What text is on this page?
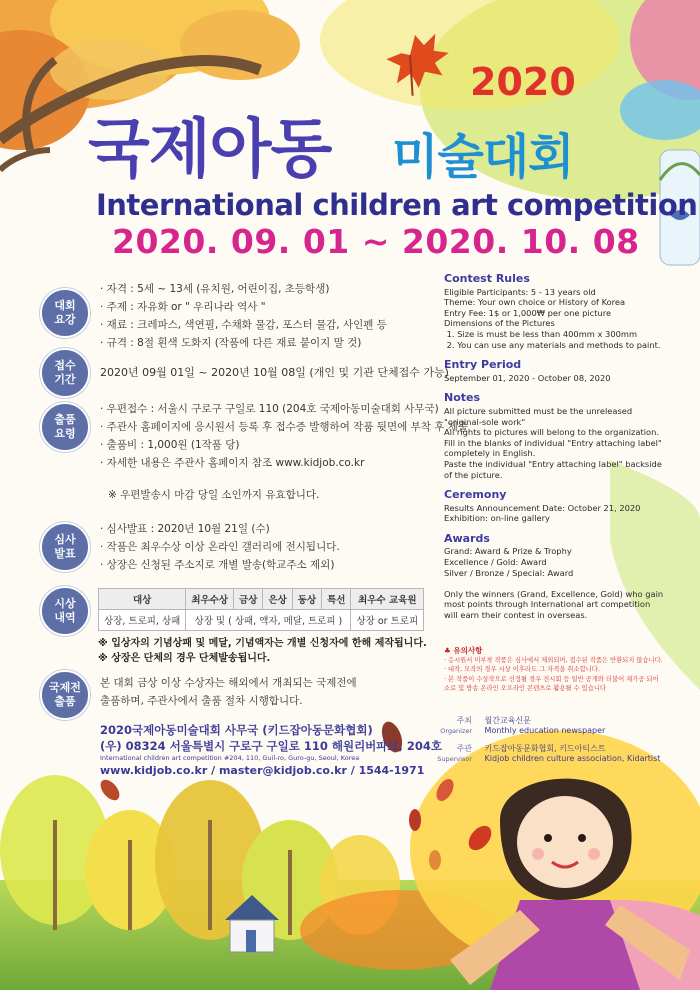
2020
국제아동 미술대회
International children art competition
2020. 09. 01 ~ 2020. 10. 08
대회
요강
· 자격 : 5세 ~ 13세 (유치원, 어린이집, 초등학생)
· 주제 : 자유화 or " 우리나라 역사 "
· 재료 : 크레파스, 색연필, 수채화 물감, 포스터 물감, 사인펜 등
· 규격 : 8절 흰색 도화지 (작품에 다른 재료 붙이지 말 것)
접수
기간
2020년 09월 01일 ~ 2020년 10월 08일 (개인 및 기관 단체접수 가능)
출품
요령
· 우편접수 : 서울시 구로구 구일로 110 (204호 국제아동미술대회 사무국)
· 주관사 홈페이지에 응시원서 등록 후 접수증 발행하여 작품 뒷면에 부착 후 제출
· 출품비 : 1,000원 (1작품 당)
· 자세한 내용은 주관사 홈페이지 참조 www.kidjob.co.kr
※ 우편발송시 마감 당일 소인까지 유효합니다.
심사
발표
· 심사발표 : 2020년 10월 21일 (수)
· 작품은 최우수상 이상 온라인 갤러리에 전시됩니다.
· 상장은 신청된 주소지로 개별 발송(학교주소 제외)
시상
내역
대상	최우수상	금상	은상	동상	특선	최우수 교육원
상장, 트로피, 상패	상장 및 ( 상패, 액자, 메달, 트로피 )					상장 or 트로피
※ 입상자의 기념상패 및 메달, 기념액자는 개별 신청자에 한해 제작됩니다.
※ 상장은 단체의 경우 단체발송됩니다.
국제전
출품
본 대회 금상 이상 수상자는 해외에서 개최되는 국제전에
출품하며, 주관사에서 출품 절차 시행합니다.
2020국제아동미술대회 사무국 (키드잡아동문화협회)
(우) 08324 서울특별시 구로구 구일로 110 해원리버파크, 204호
International children art competition #204, 110, Guil-ro, Guro-gu, Seoul, Korea
www.kidjob.co.kr / master@kidjob.co.kr / 1544-1971
Contest Rules
Eligible Participants: 5 - 13 years old
Theme: Your own choice or History of Korea
Entry Fee: 1$ or 1,000₩ per one picture
Dimensions of the Pictures
1. Size is must be less than 400mm x 300mm
2. You can use any materials and methods to paint.
Entry Period
September 01, 2020 - October 08, 2020
Notes
All picture submitted must be the unreleased
"original-sole work"
All rights to pictures will belong to the organization.
Fill in the blanks of individual "Entry attaching label"
completely in English.
Paste the individual "Entry attaching label" backside
of the picture.
Ceremony
Results Announcement Date: October 21, 2020
Exhibition: on-line gallery
Awards
Grand: Award & Prize & Trophy
Excellence / Gold: Award
Silver / Bronze / Special: Award

Only the winners (Grand, Excellence, Gold) who gain
most points through International art competition
will earn their contest in overseas.
♣ 유의사항
· 응시원서 미부착 작품은 심사에서 제외되며, 접수된 작품은 반환되지 않습니다.
· 대작, 모작의 경우 시상 이후라도 그 자격을 취소합니다.
· 본 작품이 수상작으로 선정될 경우 전시회 등 일반 공개와 더불어 재가공 되어
소로 및 방송 온라인 오프라인 콘텐츠로 활용될 수 있습니다
주최
Organizer 월간교육신문
Monthly education newspaper
주관
Supervisor 키드잡아동문화협회, 키드아티스트
Kidjob children culture association, Kidartist
